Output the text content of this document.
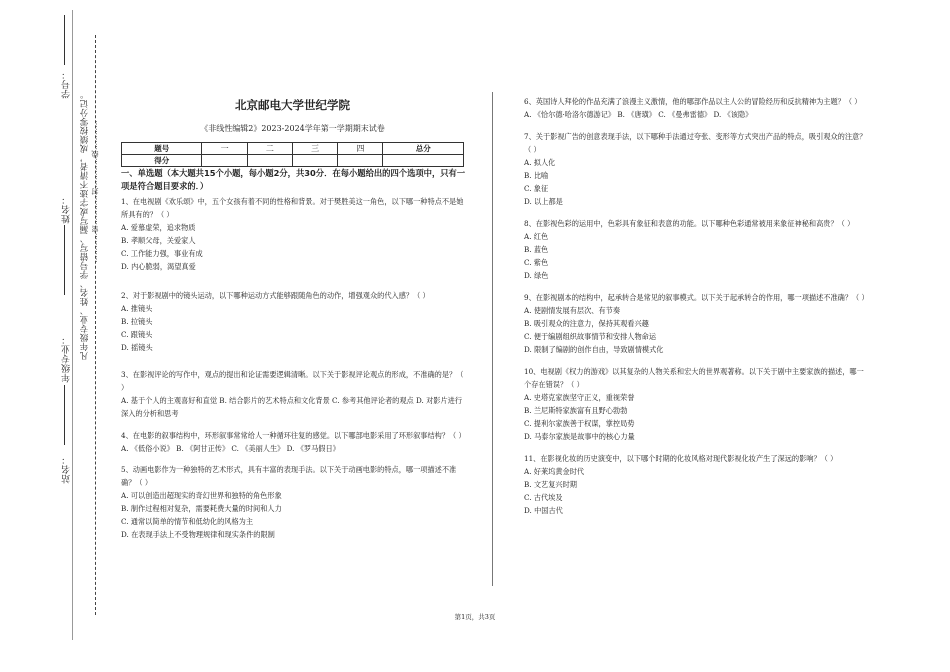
学号：
姓名：
年级专业：
站名：
凡年级专业、姓名、学号错写、漏写或字迹不清者，成绩按零分记。 …………密…………封…………线…………
北京邮电大学世纪学院
《非线性编辑2》2023-2024学年第一学期期末试卷
题号	一	二	三	四	总分
得分					

一、单选题（本大题共15个小题，每小题2分，共30分．在每小题给出的四个选项中，只有一项是符合题目要求的．）

1、在电视剧《欢乐颂》中，五个女孩有着不同的性格和背景。对于樊胜美这一角色，以下哪一种特点不是她所具有的？（ ）

A. 爱慕虚荣，追求物质

B. 孝顺父母，关爱家人

C. 工作能力强，事业有成

D. 内心脆弱，渴望真爱

2、对于影视剧中的镜头运动，以下哪种运动方式能够跟随角色的动作，增强观众的代入感？（ ）

A. 推镜头

B. 拉镜头

C. 跟镜头

D. 摇镜头

3、在影视评论的写作中，观点的提出和论证需要逻辑清晰。以下关于影视评论观点的形成，不准确的是？（ ）

A. 基于个人的主观喜好和直觉 B. 结合影片的艺术特点和文化背景 C. 参考其他评论者的观点 D. 对影片进行深入的分析和思考

4、在电影的叙事结构中，环形叙事常常给人一种循环往复的感觉。以下哪部电影采用了环形叙事结构？（ ）

A. 《低俗小说》 B. 《阿甘正传》 C. 《美丽人生》 D. 《罗马假日》

5、动画电影作为一种独特的艺术形式，具有丰富的表现手法。以下关于动画电影的特点，哪一项描述不准确？（ ）

A. 可以创造出超现实的奇幻世界和独特的角色形象

B. 制作过程相对复杂，需要耗费大量的时间和人力

C. 通常以简单的情节和低幼化的风格为主

D. 在表现手法上不受物理规律和现实条件的限制

6、英国诗人拜伦的作品充满了浪漫主义激情，他的哪部作品以主人公的冒险经历和反抗精神为主题？（ ）

A. 《恰尔德·哈洛尔德游记》 B. 《唐璜》 C. 《曼弗雷德》 D. 《该隐》

7、关于影视广告的创意表现手法，以下哪种手法通过夸张、变形等方式突出产品的特点，吸引观众的注意？（ ）

A. 拟人化

B. 比喻

C. 象征

D. 以上都是

8、在影视色彩的运用中，色彩具有象征和表意的功能。以下哪种色彩通常被用来象征神秘和高贵？（ ）

A. 红色

B. 蓝色

C. 紫色

D. 绿色

9、在影视剧本的结构中，起承转合是常见的叙事模式。以下关于起承转合的作用，哪一项描述不准确？（ ）

A. 使剧情发展有层次、有节奏

B. 吸引观众的注意力，保持其观看兴趣

C. 便于编剧组织故事情节和安排人物命运

D. 限制了编剧的创作自由，导致剧情模式化

10、电视剧《权力的游戏》以其复杂的人物关系和宏大的世界观著称。以下关于剧中主要家族的描述，哪一个存在错误？（ ）

A. 史塔克家族坚守正义，重视荣誉

B. 兰尼斯特家族富有且野心勃勃

C. 提利尔家族善于权谋，掌控局势

D. 马泰尔家族是故事中的核心力量

11、在影视化妆的历史演变中，以下哪个时期的化妆风格对现代影视化妆产生了深远的影响？（ ）

A. 好莱坞黄金时代

B. 文艺复兴时期

C. 古代埃及

D. 中国古代

第1页，共3页
